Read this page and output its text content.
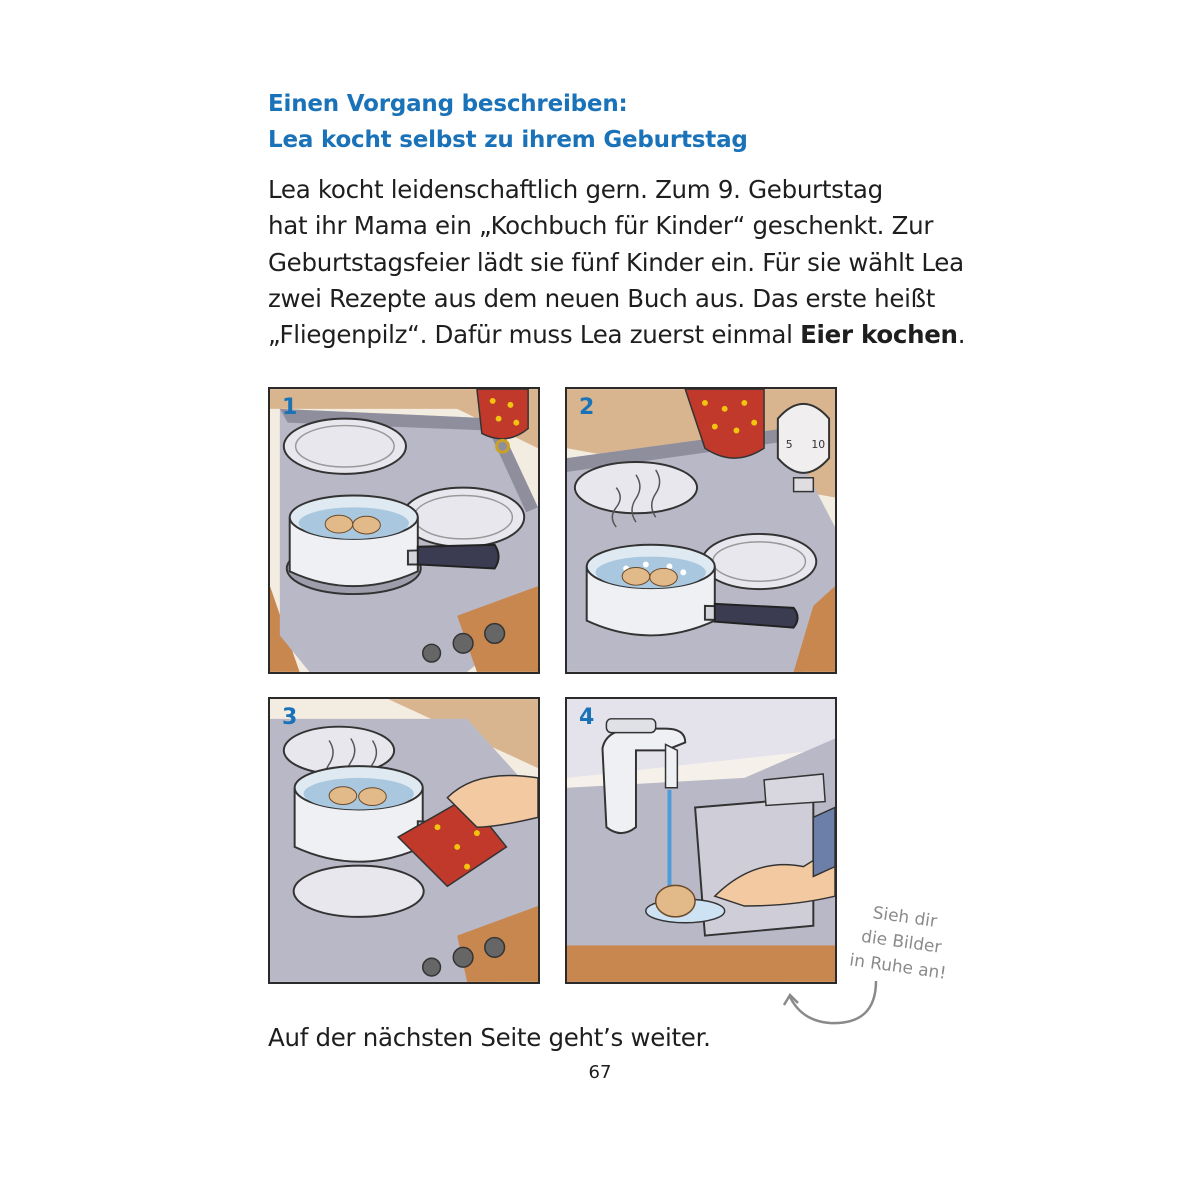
Einen Vorgang beschreiben:
Lea kocht selbst zu ihrem Geburtstag

Lea kocht leidenschaftlich gern. Zum 9. Geburtstag
hat ihr Mama ein „Kochbuch für Kinder“ geschenkt. Zur
Geburtstagsfeier lädt sie fünf Kinder ein. Für sie wählt Lea
zwei Rezepte aus dem neuen Buch aus. Das erste heißt
„Fliegenpilz“. Dafür muss Lea zuerst einmal Eier kochen.

1	2
5 10
3	4
Sieh dir
die Bilder
in Ruhe an!

Auf der nächsten Seite geht’s weiter.

67
